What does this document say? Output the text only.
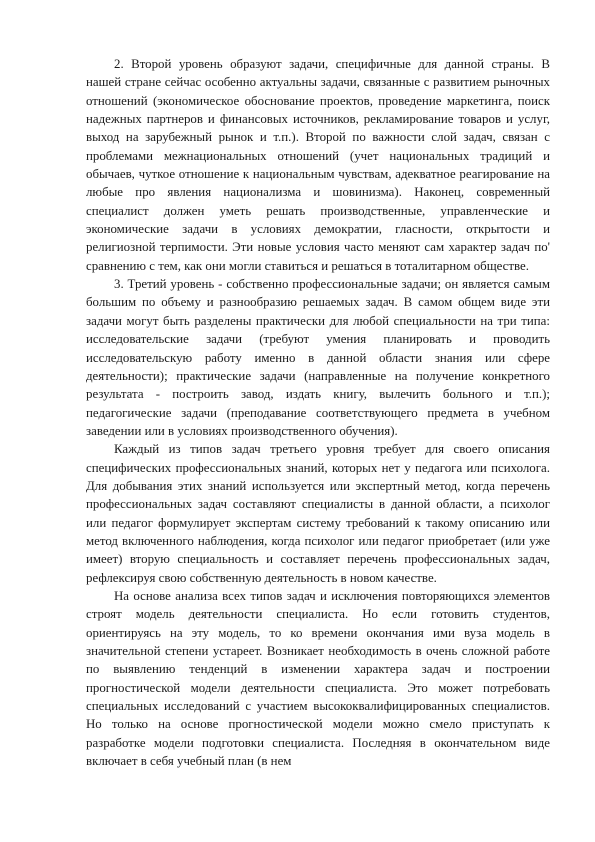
2. Второй уровень образуют задачи, специфичные для данной страны. В нашей стране сейчас особенно актуальны задачи, связанные с развитием рыночных отношений (экономическое обоснование проектов, проведение маркетинга, поиск надежных партнеров и финансовых источников, рекламирование товаров и услуг, выход на зарубежный рынок и т.п.). Второй по важности слой задач, связан с проблемами межнациональных отношений (учет национальных традиций и обычаев, чуткое отношение к национальным чувствам, адекватное реагирование на любые про явления национализма и шовинизма). Наконец, современный специалист должен уметь решать производственные, управленческие и экономические задачи в условиях демократии, гласности, открытости и религиозной терпимости. Эти новые условия часто меняют сам характер задач по' сравнению с тем, как они могли ставиться и решаться в тоталитарном обществе.

3. Третий уровень - собственно профессиональные задачи; он является самым большим по объему и разнообразию решаемых задач. В самом общем виде эти задачи могут быть разделены практически для любой специальности на три типа: исследовательские задачи (требуют умения планировать и проводить исследовательскую работу именно в данной области знания или сфере деятельности); практические задачи (направленные на получение конкретного результата - построить завод, издать книгу, вылечить больного и т.п.); педагогические задачи (преподавание соответствующего предмета в учебном заведении или в условиях производственного обучения).

Каждый из типов задач третьего уровня требует для своего описания специфических профессиональных знаний, которых нет у педагога или психолога. Для добывания этих знаний используется или экспертный метод, когда перечень профессиональных задач составляют специалисты в данной области, а психолог или педагог формулирует экспертам систему требований к такому описанию или метод включенного наблюдения, когда психолог или педагог приобретает (или уже имеет) вторую специальность и составляет перечень профессиональных задач, рефлексируя свою собственную деятельность в новом качестве.

На основе анализа всех типов задач и исключения повторяющихся элементов строят модель деятельности специалиста. Но если готовить студентов, ориентируясь на эту модель, то ко времени окончания ими вуза модель в значительной степени устареет. Возникает необходимость в очень сложной работе по выявлению тенденций в изменении характера задач и построении прогностической модели деятельности специалиста. Это может потребовать специальных исследований с участием высококвалифицированных специалистов. Но только на основе прогностической модели можно смело приступать к разработке модели подготовки специалиста. Последняя в окончательном виде включает в себя учебный план (в нем
